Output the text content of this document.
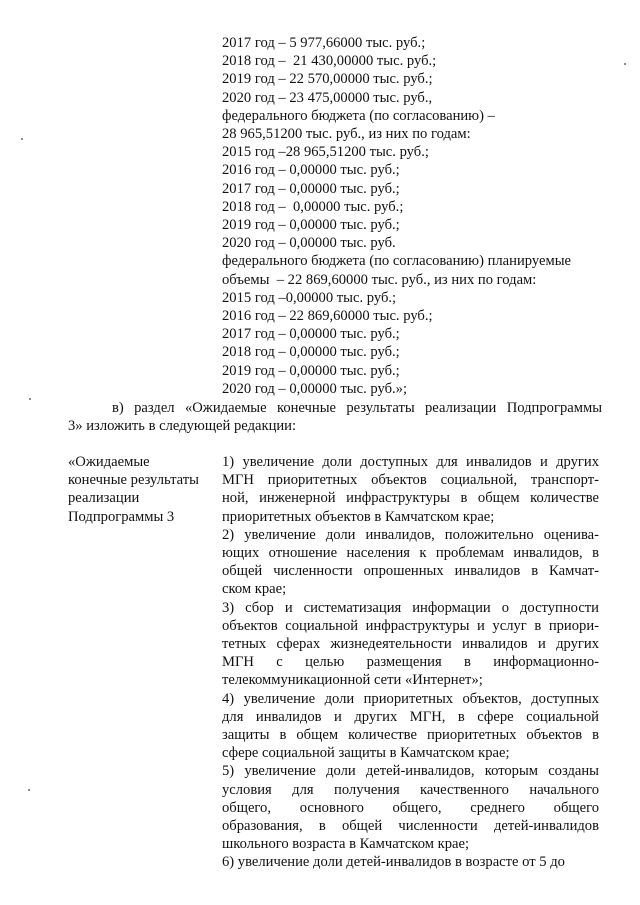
2017 год – 5 977,66000 тыс. руб.;
2018 год –  21 430,00000 тыс. руб.;
2019 год – 22 570,00000 тыс. руб.;
2020 год – 23 475,00000 тыс. руб.,
федерального бюджета (по согласованию) –
28 965,51200 тыс. руб., из них по годам:
2015 год –28 965,51200 тыс. руб.;
2016 год – 0,00000 тыс. руб.;
2017 год – 0,00000 тыс. руб.;
2018 год –  0,00000 тыс. руб.;
2019 год – 0,00000 тыс. руб.;
2020 год – 0,00000 тыс. руб.
федерального бюджета (по согласованию) планируемые
объемы  – 22 869,60000 тыс. руб., из них по годам:
2015 год –0,00000 тыс. руб.;
2016 год – 22 869,60000 тыс. руб.;
2017 год – 0,00000 тыс. руб.;
2018 год – 0,00000 тыс. руб.;
2019 год – 0,00000 тыс. руб.;
2020 год – 0,00000 тыс. руб.»;

в) раздел «Ожидаемые конечные результаты реализации Подпрограммы

3» изложить в следующей редакции:

«Ожидаемые
конечные результаты
реализации
Подпрограммы 3
1) увеличение доли доступных для инвалидов и других
МГН приоритетных объектов социальной, транспорт-
ной, инженерной инфраструктуры в общем количестве
приоритетных объектов в Камчатском крае;
2) увеличение доли инвалидов, положительно оценива-
ющих отношение населения к проблемам инвалидов, в
общей численности опрошенных инвалидов в Камчат-
ском крае;
3) сбор и систематизация информации о доступности
объектов социальной инфраструктуры и услуг в приори-
тетных сферах жизнедеятельности инвалидов и других
МГН с целью размещения в информационно-
телекоммуникационной сети «Интернет»;
4) увеличение доли приоритетных объектов, доступных
для инвалидов и других МГН, в сфере социальной
защиты в общем количестве приоритетных объектов в
сфере социальной защиты в Камчатском крае;
5) увеличение доли детей-инвалидов, которым созданы
условия для получения качественного начального
общего, основного общего, среднего общего
образования, в общей численности детей-инвалидов
школьного возраста в Камчатском крае;
6) увеличение доли детей-инвалидов в возрасте от 5 до
